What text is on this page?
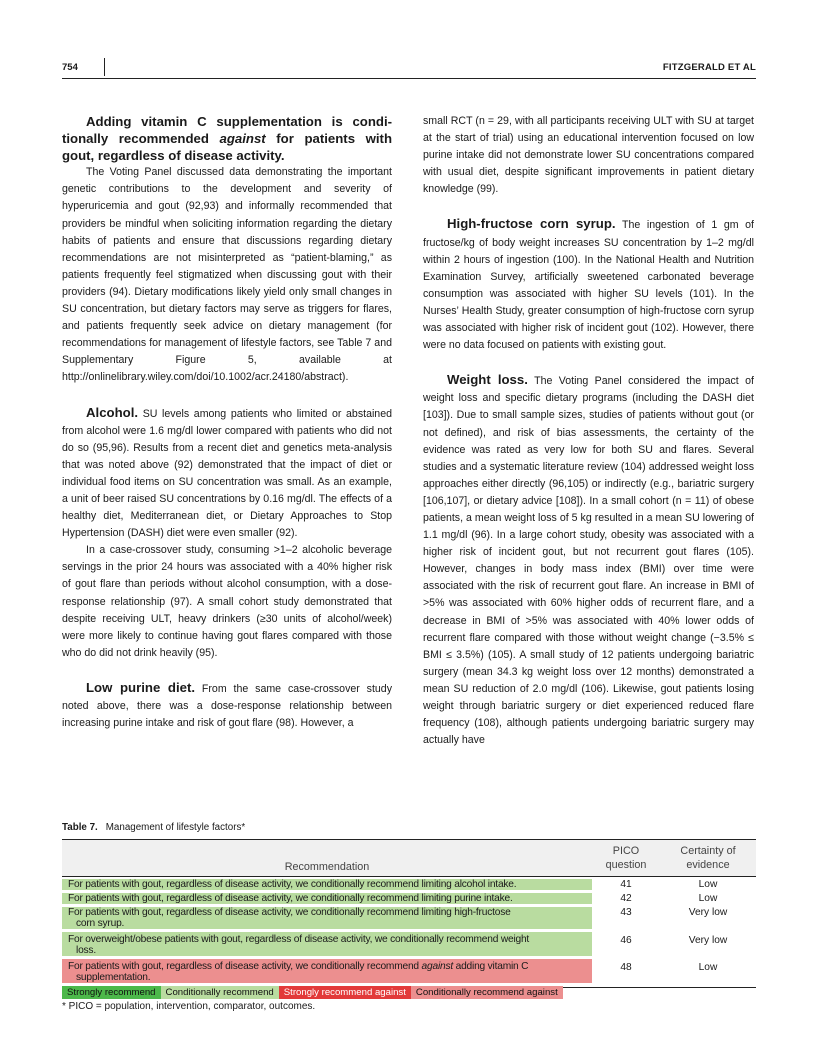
754	FITZGERALD ET AL

Adding vitamin C supplementation is condi-tionally recommended against for patients with gout, regardless of disease activity.

The Voting Panel discussed data demonstrating the important genetic contributions to the development and severity of hyperuricemia and gout (92,93) and informally recommended that providers be mindful when soliciting information regarding the dietary habits of patients and ensure that discussions regarding dietary recommendations are not misinterpreted as “patient-blaming,” as patients frequently feel stigmatized when discussing gout with their providers (94). Dietary modifications likely yield only small changes in SU concentration, but dietary factors may serve as triggers for flares, and patients frequently seek advice on dietary management (for recommendations for management of lifestyle factors, see Table 7 and Supplementary Figure 5, available at http://onlinelibrary.wiley.com/doi/10.1002/acr.24180/abstract).

Alcohol. SU levels among patients who limited or abstained from alcohol were 1.6 mg/dl lower compared with patients who did not do so (95,96). Results from a recent diet and genetics meta-analysis that was noted above (92) demonstrated that the impact of diet or individual food items on SU concentration was small. As an example, a unit of beer raised SU concentrations by 0.16 mg/dl. The effects of a healthy diet, Mediterranean diet, or Dietary Approaches to Stop Hypertension (DASH) diet were even smaller (92).

In a case-crossover study, consuming >1–2 alcoholic beverage servings in the prior 24 hours was associated with a 40% higher risk of gout flare than periods without alcohol consumption, with a dose-response relationship (97). A small cohort study demonstrated that despite receiving ULT, heavy drinkers (≥30 units of alcohol/week) were more likely to continue having gout flares compared with those who do did not drink heavily (95).

Low purine diet. From the same case-crossover study noted above, there was a dose-response relationship between increasing purine intake and risk of gout flare (98). However, a

small RCT (n = 29, with all participants receiving ULT with SU at target at the start of trial) using an educational intervention focused on low purine intake did not demonstrate lower SU concentrations compared with usual diet, despite significant improvements in patient dietary knowledge (99).

High-fructose corn syrup. The ingestion of 1 gm of fructose/kg of body weight increases SU concentration by 1–2 mg/dl within 2 hours of ingestion (100). In the National Health and Nutrition Examination Survey, artificially sweetened carbonated beverage consumption was associated with higher SU levels (101). In the Nurses’ Health Study, greater consumption of high-fructose corn syrup was associated with higher risk of incident gout (102). However, there were no data focused on patients with existing gout.

Weight loss. The Voting Panel considered the impact of weight loss and specific dietary programs (including the DASH diet [103]). Due to small sample sizes, studies of patients without gout (or not defined), and risk of bias assessments, the certainty of the evidence was rated as very low for both SU and flares. Several studies and a systematic literature review (104) addressed weight loss approaches either directly (96,105) or indirectly (e.g., bariatric surgery [106,107], or dietary advice [108]). In a small cohort (n = 11) of obese patients, a mean weight loss of 5 kg resulted in a mean SU lowering of 1.1 mg/dl (96). In a large cohort study, obesity was associated with a higher risk of incident gout, but not recurrent gout flares (105). However, changes in body mass index (BMI) over time were associated with the risk of recurrent gout flare. An increase in BMI of >5% was associated with 60% higher odds of recurrent flare, and a decrease in BMI of >5% was associated with 40% lower odds of recurrent flare compared with those without weight change (−3.5% ≤ BMI ≤ 3.5%) (105). A small study of 12 patients undergoing bariatric surgery (mean 34.3 kg weight loss over 12 months) demonstrated a mean SU reduction of 2.0 mg/dl (106). Likewise, gout patients losing weight through bariatric surgery or diet experienced reduced flare frequency (108), although patients undergoing bariatric surgery may actually have

Table 7. Management of lifestyle factors*
Recommendation
PICO
question
Certainty of
evidence
For patients with gout, regardless of disease activity, we conditionally recommend limiting alcohol intake.	41	Low
For patients with gout, regardless of disease activity, we conditionally recommend limiting purine intake.	42	Low
For patients with gout, regardless of disease activity, we conditionally recommend limiting high-fructose
corn syrup.
43	Very low
For overweight/obese patients with gout, regardless of disease activity, we conditionally recommend weight
loss.
46	Very low
For patients with gout, regardless of disease activity, we conditionally recommend against adding vitamin C
supplementation.
48	Low
Strongly recommend	Conditionally recommend	Strongly recommend against	Conditionally recommend against
* PICO = population, intervention, comparator, outcomes.
